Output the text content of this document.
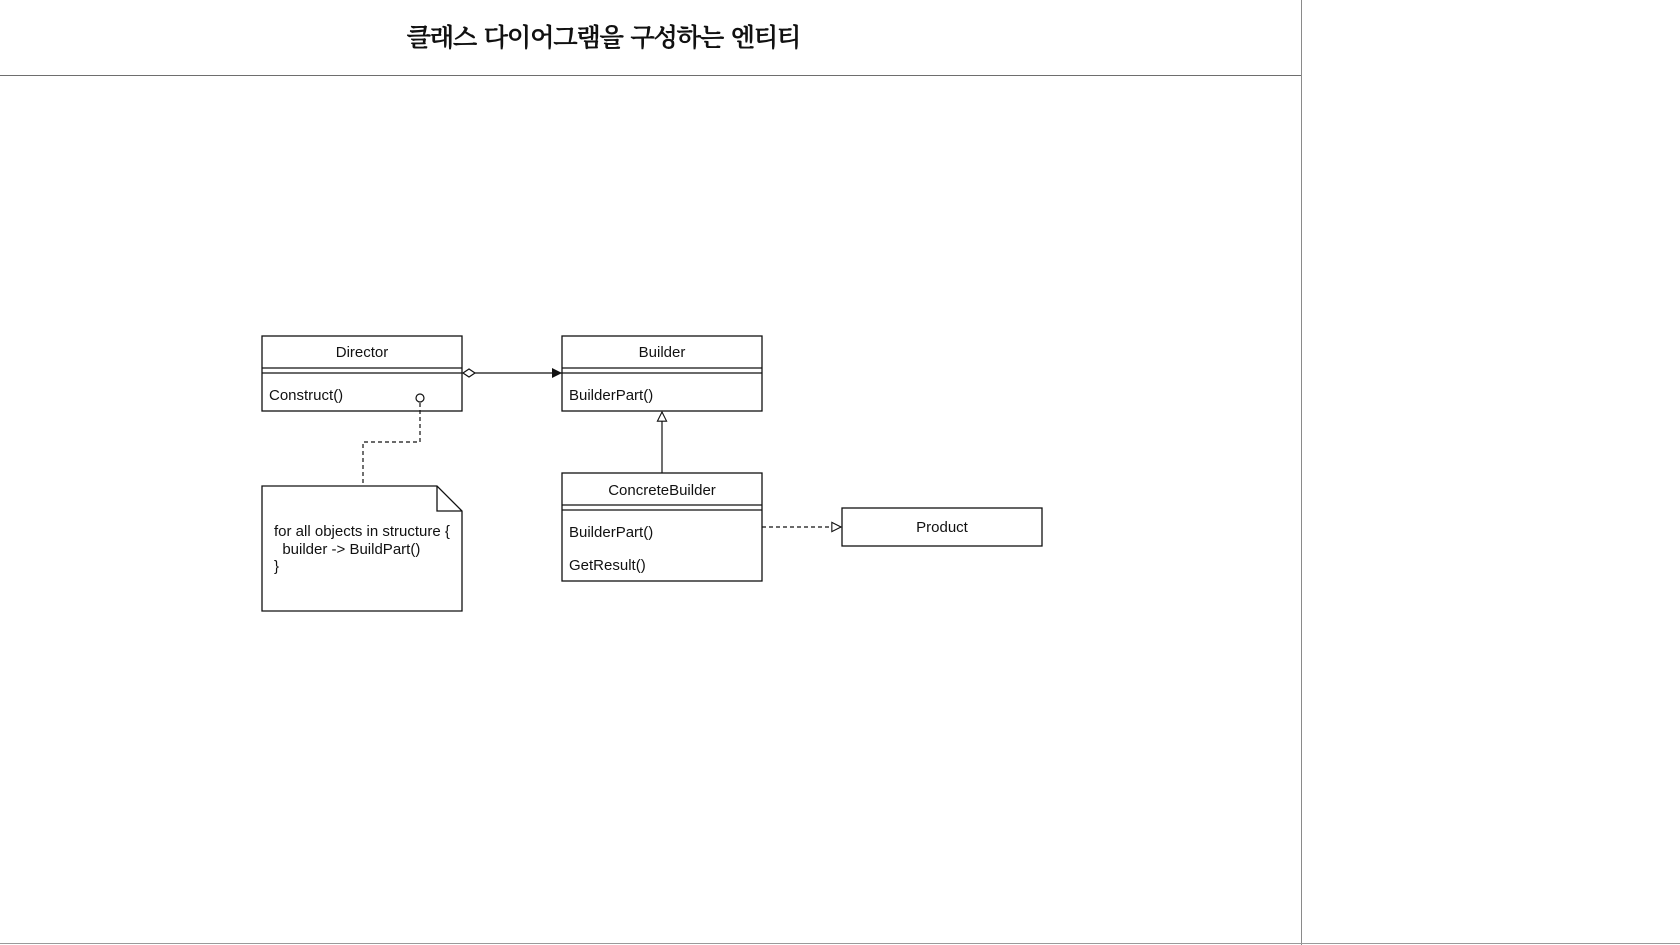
클래스 다이어그램을 구성하는 엔티티
Director
Construct()
Builder
BuilderPart()
ConcreteBuilder
BuilderPart()
GetResult()
Product
for all objects in structure {
builder -> BuildPart()
}
